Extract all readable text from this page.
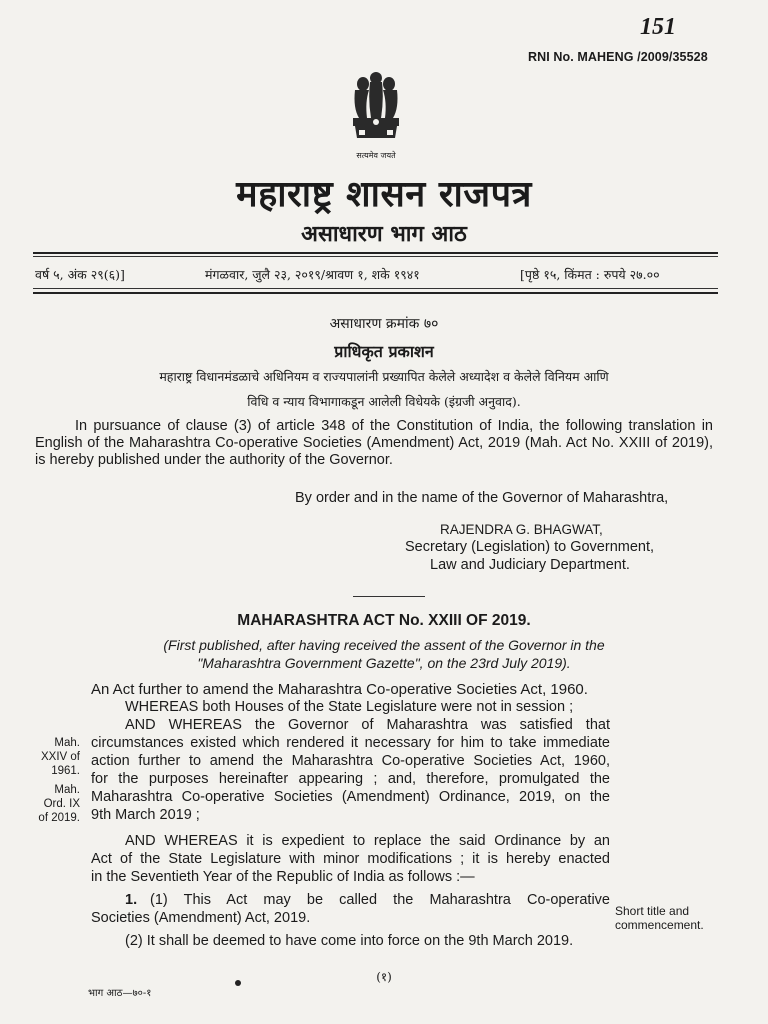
151
RNI No. MAHENG /2009/35528
सत्यमेव जयते
महाराष्ट्र शासन राजपत्र
असाधारण भाग आठ
वर्ष ५, अंक २९(६)]	मंगळवार, जुलै २३, २०१९/श्रावण १, शके १९४१	[पृष्ठे १५, किंमत : रुपये २७.००
असाधारण क्रमांक ७०
प्राधिकृत प्रकाशन
महाराष्ट्र विधानमंडळाचे अधिनियम व राज्यपालांनी प्रख्यापित केलेले अध्यादेश व केलेले विनियम आणि
विधि व न्याय विभागाकडून आलेली विधेयके (इंग्रजी अनुवाद).
In pursuance of clause (3) of article 348 of the Constitution of India, the following translation in
English of the Maharashtra Co-operative Societies (Amendment) Act, 2019 (Mah. Act No. XXIII of 2019),
is hereby published under the authority of the Governor.
By order and in the name of the Governor of Maharashtra,
RAJENDRA G. BHAGWAT,
Secretary (Legislation) to Government,
Law and Judiciary Department.
MAHARASHTRA ACT No. XXIII OF 2019.
(First published, after having received the assent of the Governor in the
"Maharashtra Government Gazette", on the 23rd July 2019).
An Act further to amend the Maharashtra Co-operative Societies Act, 1960.
WHEREAS both Houses of the State Legislature were not in session ;
AND WHEREAS the Governor of Maharashtra was satisfied that
circumstances existed which rendered it necessary for him to take immediate
action further to amend the Maharashtra Co-operative Societies Act, 1960,
for the purposes hereinafter appearing ; and, therefore, promulgated the
Maharashtra Co-operative Societies (Amendment) Ordinance, 2019, on the
9th March 2019 ;
Mah.
XXIV of
1961.
Mah.
Ord. IX
of 2019.
AND WHEREAS it is expedient to replace the said Ordinance by an
Act of the State Legislature with minor modifications ; it is hereby enacted
in the Seventieth Year of the Republic of India as follows :—
1. (1) This Act may be called the Maharashtra Co-operative
Societies (Amendment) Act, 2019.
(2) It shall be deemed to have come into force on the 9th March 2019.
Short title and
commencement.
(१)
भाग आठ—७०-१
